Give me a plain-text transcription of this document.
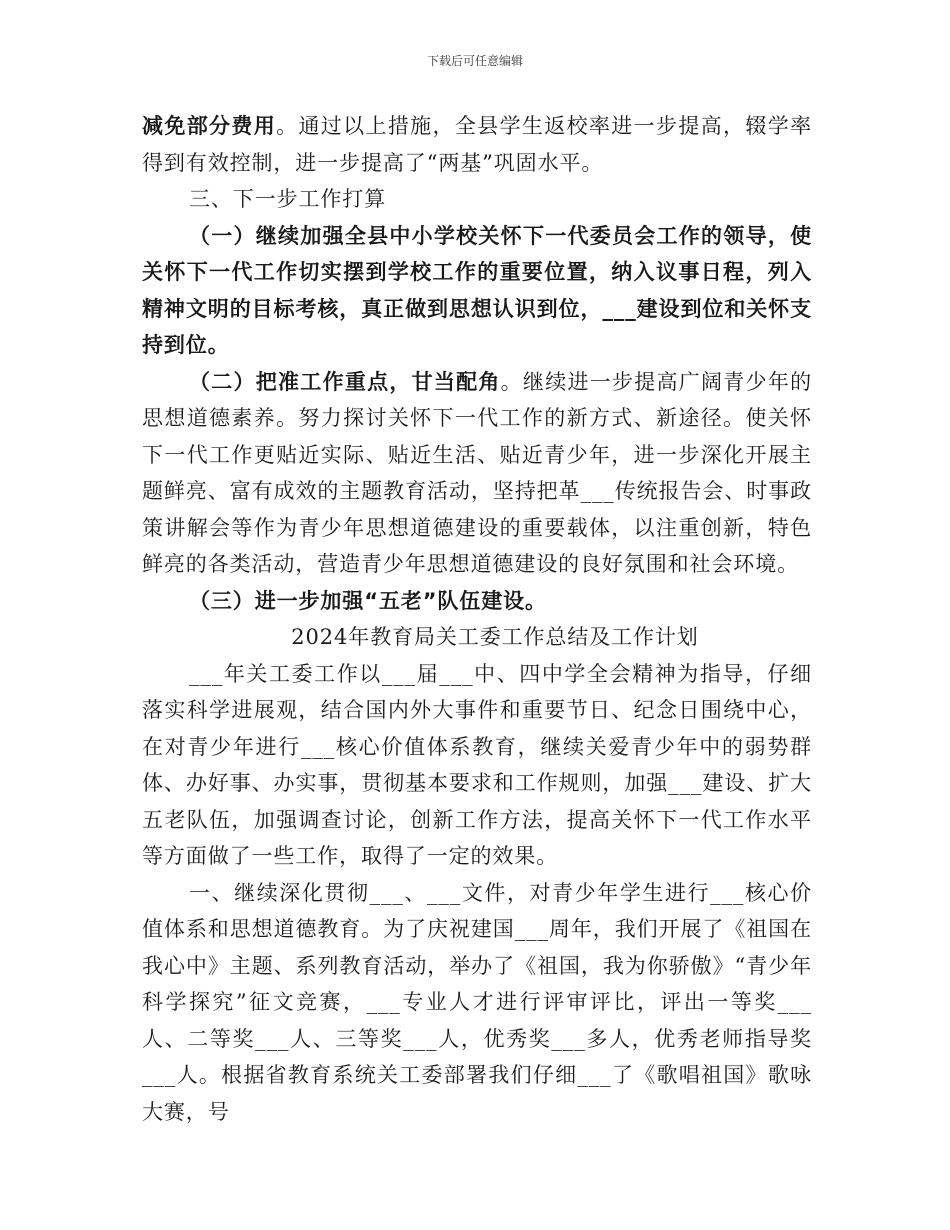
下载后可任意编辑

减免部分费用。通过以上措施，全县学生返校率进一步提高，辍学率得到有效控制，进一步提高了“两基”巩固水平。

三、下一步工作打算

（一）继续加强全县中小学校关怀下一代委员会工作的领导，使关怀下一代工作切实摆到学校工作的重要位置，纳入议事日程，列入精神文明的目标考核，真正做到思想认识到位，___建设到位和关怀支持到位。

（二）把准工作重点，甘当配角。继续进一步提高广阔青少年的思想道德素养。努力探讨关怀下一代工作的新方式、新途径。使关怀下一代工作更贴近实际、贴近生活、贴近青少年，进一步深化开展主题鲜亮、富有成效的主题教育活动，坚持把革___传统报告会、时事政策讲解会等作为青少年思想道德建设的重要载体，以注重创新，特色鲜亮的各类活动，营造青少年思想道德建设的良好氛围和社会环境。

（三）进一步加强“五老”队伍建设。

2024年教育局关工委工作总结及工作计划

___年关工委工作以___届___中、四中学全会精神为指导，仔细落实科学进展观，结合国内外大事件和重要节日、纪念日围绕中心，在对青少年进行___核心价值体系教育，继续关爱青少年中的弱势群体、办好事、办实事，贯彻基本要求和工作规则，加强___建设、扩大五老队伍，加强调查讨论，创新工作方法，提高关怀下一代工作水平等方面做了一些工作，取得了一定的效果。

一、继续深化贯彻___、___文件，对青少年学生进行___核心价值体系和思想道德教育。为了庆祝建国___周年，我们开展了《祖国在我心中》主题、系列教育活动，举办了《祖国，我为你骄傲》“青少年科学探究”征文竞赛，___专业人才进行评审评比，评出一等奖___人、二等奖___人、三等奖___人，优秀奖___多人，优秀老师指导奖___人。根据省教育系统关工委部署我们仔细___了《歌唱祖国》歌咏大赛，号
